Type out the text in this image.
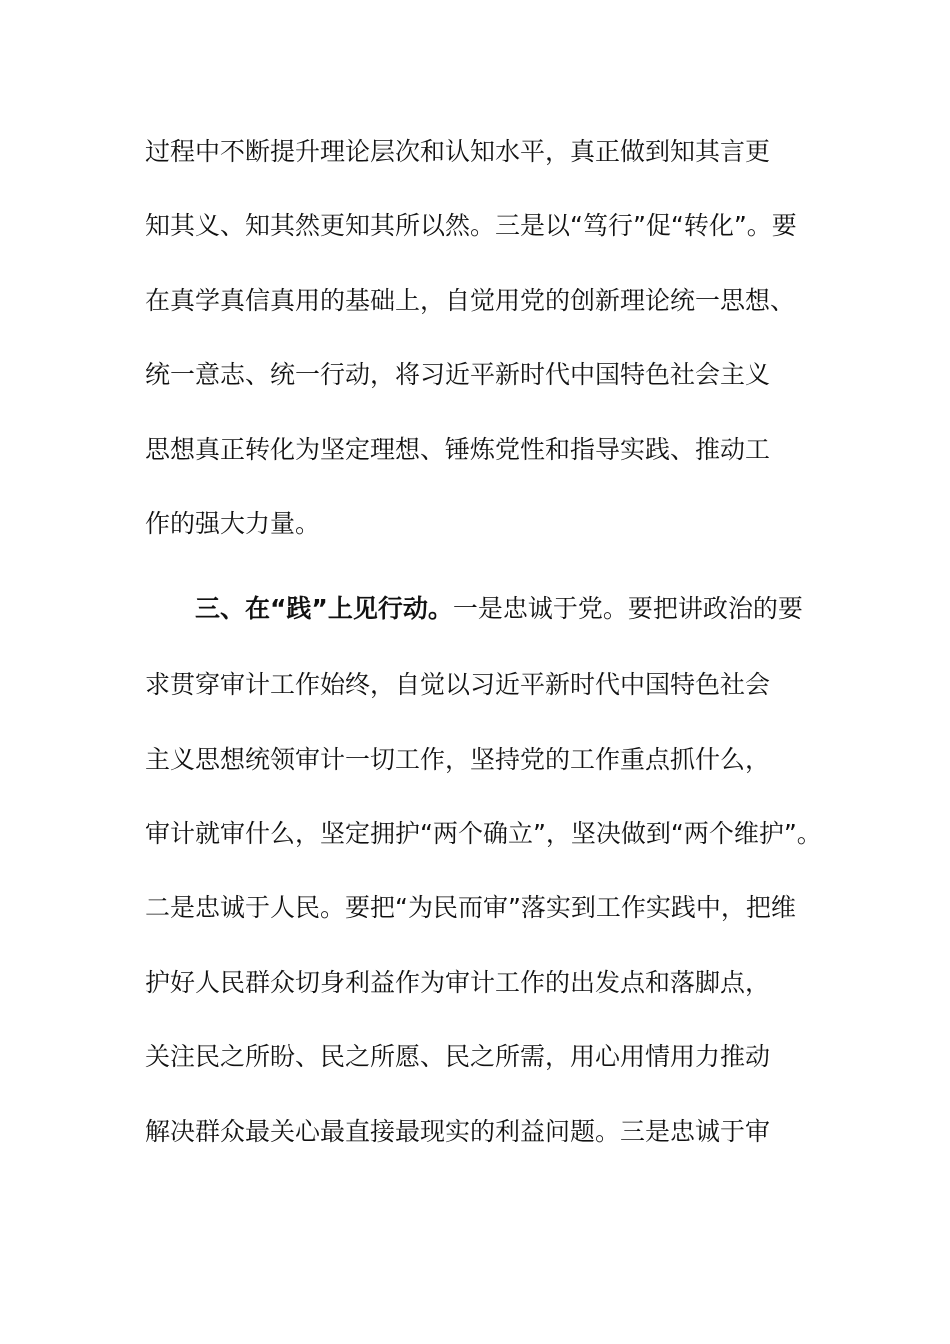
过程中不断提升理论层次和认知水平，真正做到知其言更
知其义、知其然更知其所以然。三是以“笃行”促“转化”。要
在真学真信真用的基础上，自觉用党的创新理论统一思想、
统一意志、统一行动，将习近平新时代中国特色社会主义
思想真正转化为坚定理想、锤炼党性和指导实践、推动工
作的强大力量。
三、在“践”上见行动。一是忠诚于党。要把讲政治的要
求贯穿审计工作始终，自觉以习近平新时代中国特色社会
主义思想统领审计一切工作，坚持党的工作重点抓什么，
审计就审什么，坚定拥护“两个确立”，坚决做到“两个维护”。
二是忠诚于人民。要把“为民而审”落实到工作实践中，把维
护好人民群众切身利益作为审计工作的出发点和落脚点，
关注民之所盼、民之所愿、民之所需，用心用情用力推动
解决群众最关心最直接最现实的利益问题。三是忠诚于审
